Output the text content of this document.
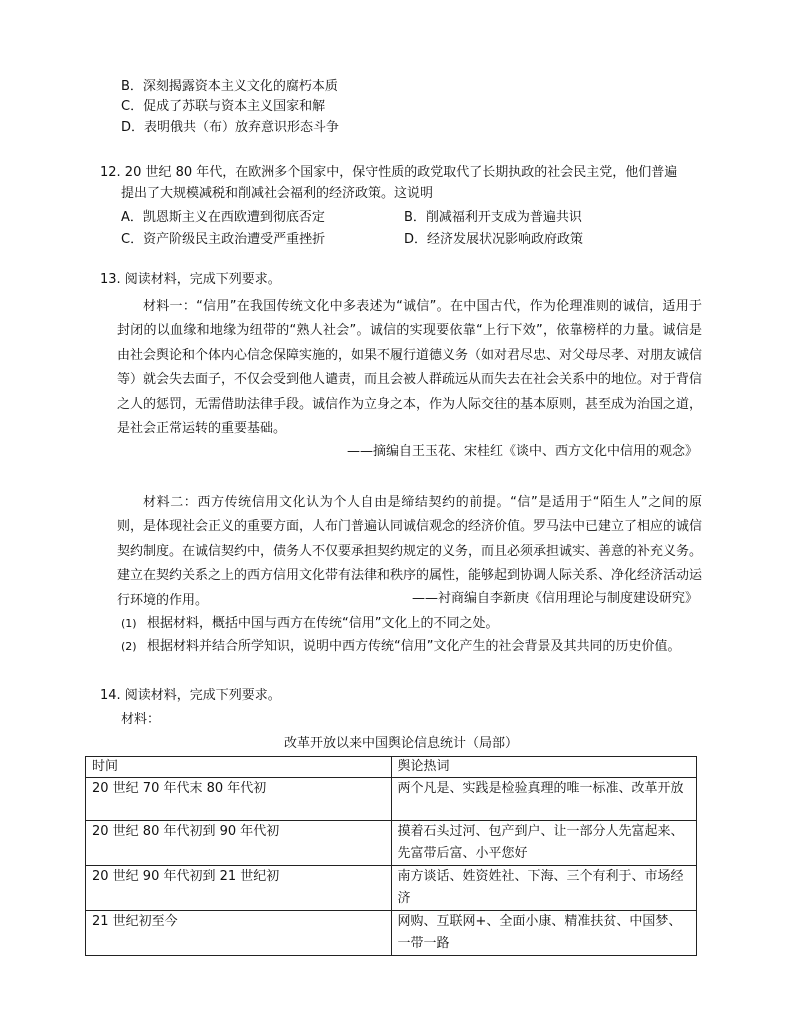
B．深刻揭露资本主义文化的腐朽本质
C．促成了苏联与资本主义国家和解
D．表明俄共（布）放弃意识形态斗争
12. 20 世纪 80 年代，在欧洲多个国家中，保守性质的政党取代了长期执政的社会民主党，他们普遍
提出了大规模减税和削减社会福利的经济政策。这说明
A．凯恩斯主义在西欧遭到彻底否定	B．削减福利开支成为普遍共识
C．资产阶级民主政治遭受严重挫折	D．经济发展状况影响政府政策
13. 阅读材料，完成下列要求。
材料一：“信用”在我国传统文化中多表述为“诚信”。在中国古代，作为伦理准则的诚信，适用于封闭的以血缘和地缘为纽带的“熟人社会”。诚信的实现要依靠“上行下效”，依靠榜样的力量。诚信是由社会舆论和个体内心信念保障实施的，如果不履行道德义务（如对君尽忠、对父母尽孝、对朋友诚信等）就会失去面子，不仅会受到他人谴责，而且会被人群疏远从而失去在社会关系中的地位。对于背信之人的惩罚，无需借助法律手段。诚信作为立身之本，作为人际交往的基本原则，甚至成为治国之道，是社会正常运转的重要基础。
——摘编自王玉花、宋桂红《谈中、西方文化中信用的观念》
材料二：西方传统信用文化认为个人自由是缔结契约的前提。“信”是适用于“陌生人”之间的原则，是体现社会正义的重要方面，人布门普遍认同诚信观念的经济价值。罗马法中已建立了相应的诚信契约制度。在诚信契约中，债务人不仅要承担契约规定的义务，而且必须承担诚实、善意的补充义务。建立在契约关系之上的西方信用文化带有法律和秩序的属性，能够起到协调人际关系、净化经济活动运行环境的作用。	——衬商编自李新庚《信用理论与制度建设研究》
(1) 根据材料，概括中国与西方在传统“信用”文化上的不同之处。
(2) 根据材料并结合所学知识，说明中西方传统“信用”文化产生的社会背景及其共同的历史价值。
14. 阅读材料，完成下列要求。
材料：
改革开放以来中国舆论信息统计（局部）
时间	舆论热词
20 世纪 70 年代末 80 年代初	两个凡是、实践是检验真理的唯一标准、改革开放
20 世纪 80 年代初到 90 年代初	摸着石头过河、包产到户、让一部分人先富起来、先富带后富、小平您好
20 世纪 90 年代初到 21 世纪初	南方谈话、姓资姓社、下海、三个有利于、市场经济
21 世纪初至今	网购、互联网+、全面小康、精准扶贫、中国梦、一带一路
